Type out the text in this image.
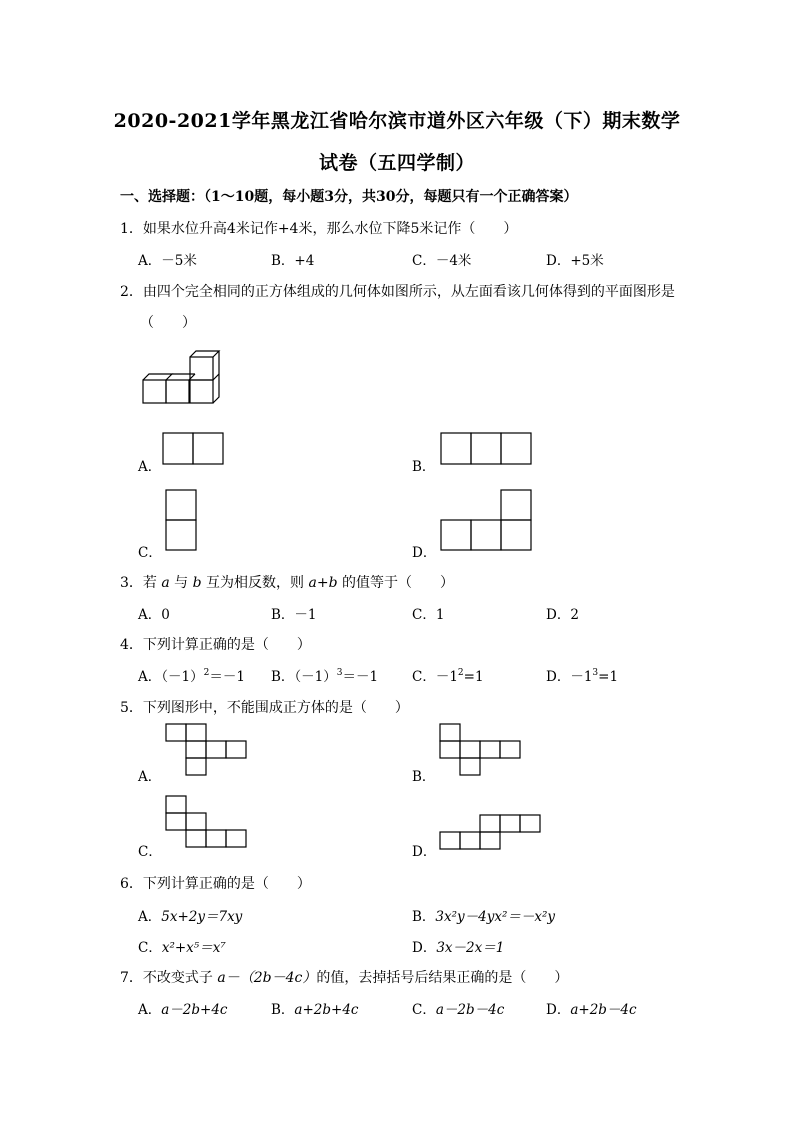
2020-2021学年黑龙江省哈尔滨市道外区六年级（下）期末数学
试卷（五四学制）
一、选择题：（1～10题，每小题3分，共30分，每题只有一个正确答案）
1．如果水位升高4米记作+4米，那么水位下降5米记作（　　）
A．－5米	B．+4	C．－4米	D．+5米
2．由四个完全相同的正方体组成的几何体如图所示，从左面看该几何体得到的平面图形是
（　　）
A．	B．
C．	D．
3．若 a 与 b 互为相反数，则 a+b 的值等于（　　）
A．0	B．－1	C．1	D．2
4．下列计算正确的是（　　）
A．$(-1)^2=-1$ B．$(-1)^3=-1$	C．$-1^2=1$	D．$-1^3=1$
5．下列图形中，不能围成正方体的是（　　）
A．	B．
C．	D．
6．下列计算正确的是（　　）
A．5x+2y＝7xy	B．3x²y－4yx²＝－x²y
C．x²+x⁵＝x⁷	D．3x－2x＝1
7．不改变式子 a－（2b－4c）的值，去掉括号后结果正确的是（　　）
A．a－2b+4c	B．a+2b+4c	C．a－2b－4c	D．a+2b－4c
